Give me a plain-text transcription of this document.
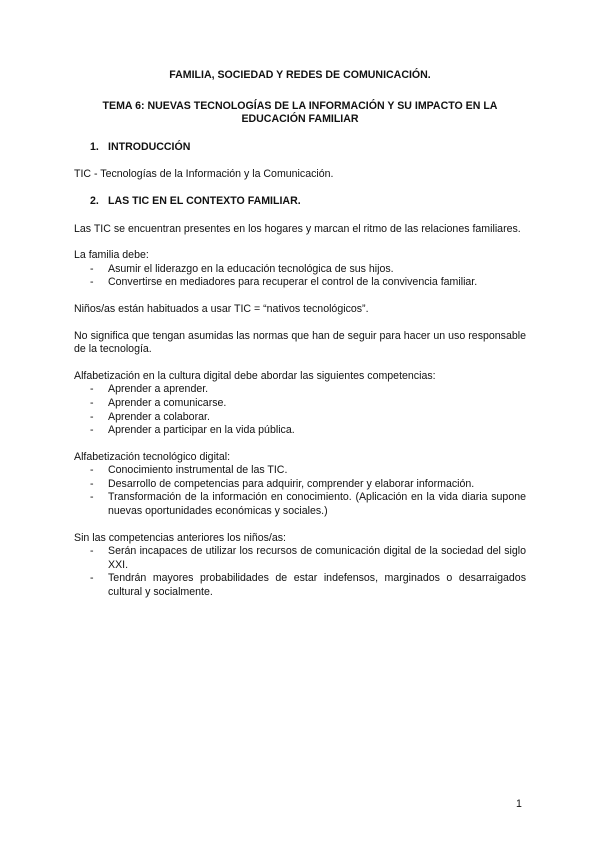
FAMILIA, SOCIEDAD Y REDES DE COMUNICACIÓN.

TEMA 6: NUEVAS TECNOLOGÍAS DE LA INFORMACIÓN Y SU IMPACTO EN LA EDUCACIÓN FAMILIAR

1. INTRODUCCIÓN

TIC - Tecnologías de la Información y la Comunicación.

2. LAS TIC EN EL CONTEXTO FAMILIAR.

Las TIC se encuentran presentes en los hogares y marcan el ritmo de las relaciones familiares.

La familia debe:

- Asumir el liderazgo en la educación tecnológica de sus hijos.
- Convertirse en mediadores para recuperar el control de la convivencia familiar.

Niños/as están habituados a usar TIC = “nativos tecnológicos”.

No significa que tengan asumidas las normas que han de seguir para hacer un uso responsable de la tecnología.

Alfabetización en la cultura digital debe abordar las siguientes competencias:

- Aprender a aprender.
- Aprender a comunicarse.
- Aprender a colaborar.
- Aprender a participar en la vida pública.

Alfabetización tecnológico digital:

- Conocimiento instrumental de las TIC.
- Desarrollo de competencias para adquirir, comprender y elaborar información.
- Transformación de la información en conocimiento. (Aplicación en la vida diaria supone nuevas oportunidades económicas y sociales.)

Sin las competencias anteriores los niños/as:

- Serán incapaces de utilizar los recursos de comunicación digital de la sociedad del siglo XXI.
- Tendrán mayores probabilidades de estar indefensos, marginados o desarraigados cultural y socialmente.
1
